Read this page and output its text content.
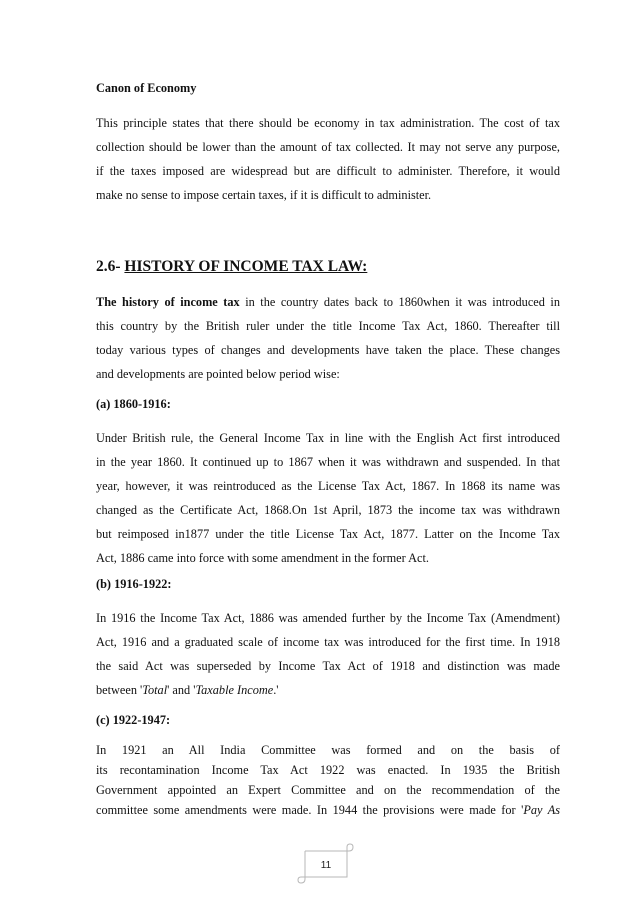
Canon of Economy
This principle states that there should be economy in tax administration. The cost of tax
collection should be lower than the amount of tax collected. It may not serve any purpose,
if the taxes imposed are widespread but are difficult to administer. Therefore, it would
make no sense to impose certain taxes, if it is difficult to administer.
2.6- HISTORY OF INCOME TAX LAW:
The history of income tax in the country dates back to 1860when it was introduced in
this country by the British ruler under the title Income Tax Act, 1860. Thereafter till
today various types of changes and developments have taken the place. These changes
and developments are pointed below period wise:
(a) 1860-1916:
Under British rule, the General Income Tax in line with the English Act first introduced
in the year 1860. It continued up to 1867 when it was withdrawn and suspended. In that
year, however, it was reintroduced as the License Tax Act, 1867. In 1868 its name was
changed as the Certificate Act, 1868.On 1st April, 1873 the income tax was withdrawn
but reimposed in1877 under the title License Tax Act, 1877. Latter on the Income Tax
Act, 1886 came into force with some amendment in the former Act.
(b) 1916-1922:
In 1916 the Income Tax Act, 1886 was amended further by the Income Tax (Amendment)
Act, 1916 and a graduated scale of income tax was introduced for the first time. In 1918
the said Act was superseded by Income Tax Act of 1918 and distinction was made
between 'Total' and 'Taxable Income.'
(c) 1922-1947:
In 1921 an All India Committee was formed and on the basis of
its recontamination Income Tax Act 1922 was enacted. In 1935 the British
Government appointed an Expert Committee and on the recommendation of the
committee some amendments were made. In 1944 the provisions were made for 'Pay As
11
